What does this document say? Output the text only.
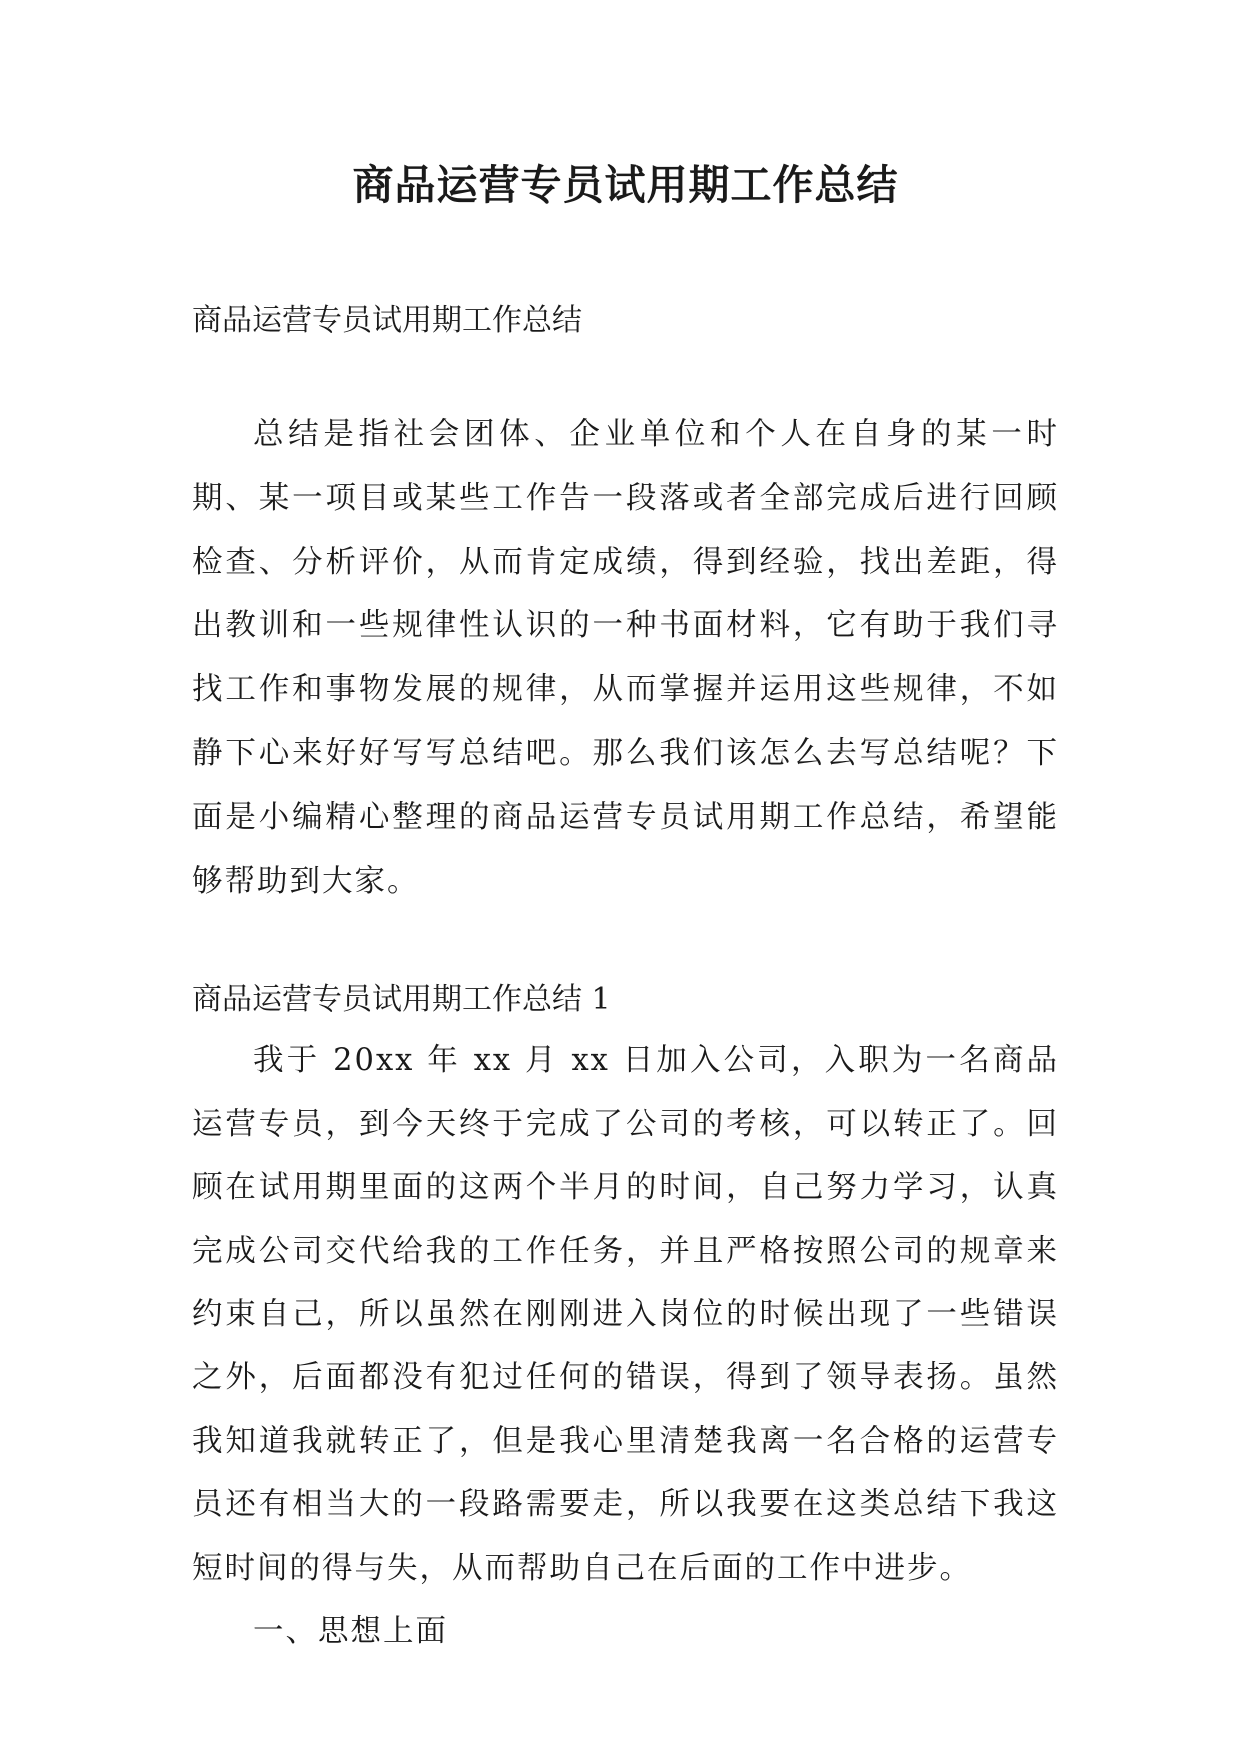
商品运营专员试用期工作总结

商品运营专员试用期工作总结

总结是指社会团体、企业单位和个人在自身的某一时期、某一项目或某些工作告一段落或者全部完成后进行回顾检查、分析评价，从而肯定成绩，得到经验，找出差距，得出教训和一些规律性认识的一种书面材料，它有助于我们寻找工作和事物发展的规律，从而掌握并运用这些规律，不如静下心来好好写写总结吧。那么我们该怎么去写总结呢？下面是小编精心整理的商品运营专员试用期工作总结，希望能够帮助到大家。

商品运营专员试用期工作总结 1

我于 20xx 年 xx 月 xx 日加入公司，入职为一名商品运营专员，到今天终于完成了公司的考核，可以转正了。回顾在试用期里面的这两个半月的时间，自己努力学习，认真完成公司交代给我的工作任务，并且严格按照公司的规章来约束自己，所以虽然在刚刚进入岗位的时候出现了一些错误之外，后面都没有犯过任何的错误，得到了领导表扬。虽然我知道我就转正了，但是我心里清楚我离一名合格的运营专员还有相当大的一段路需要走，所以我要在这类总结下我这短时间的得与失，从而帮助自己在后面的工作中进步。

一、思想上面
